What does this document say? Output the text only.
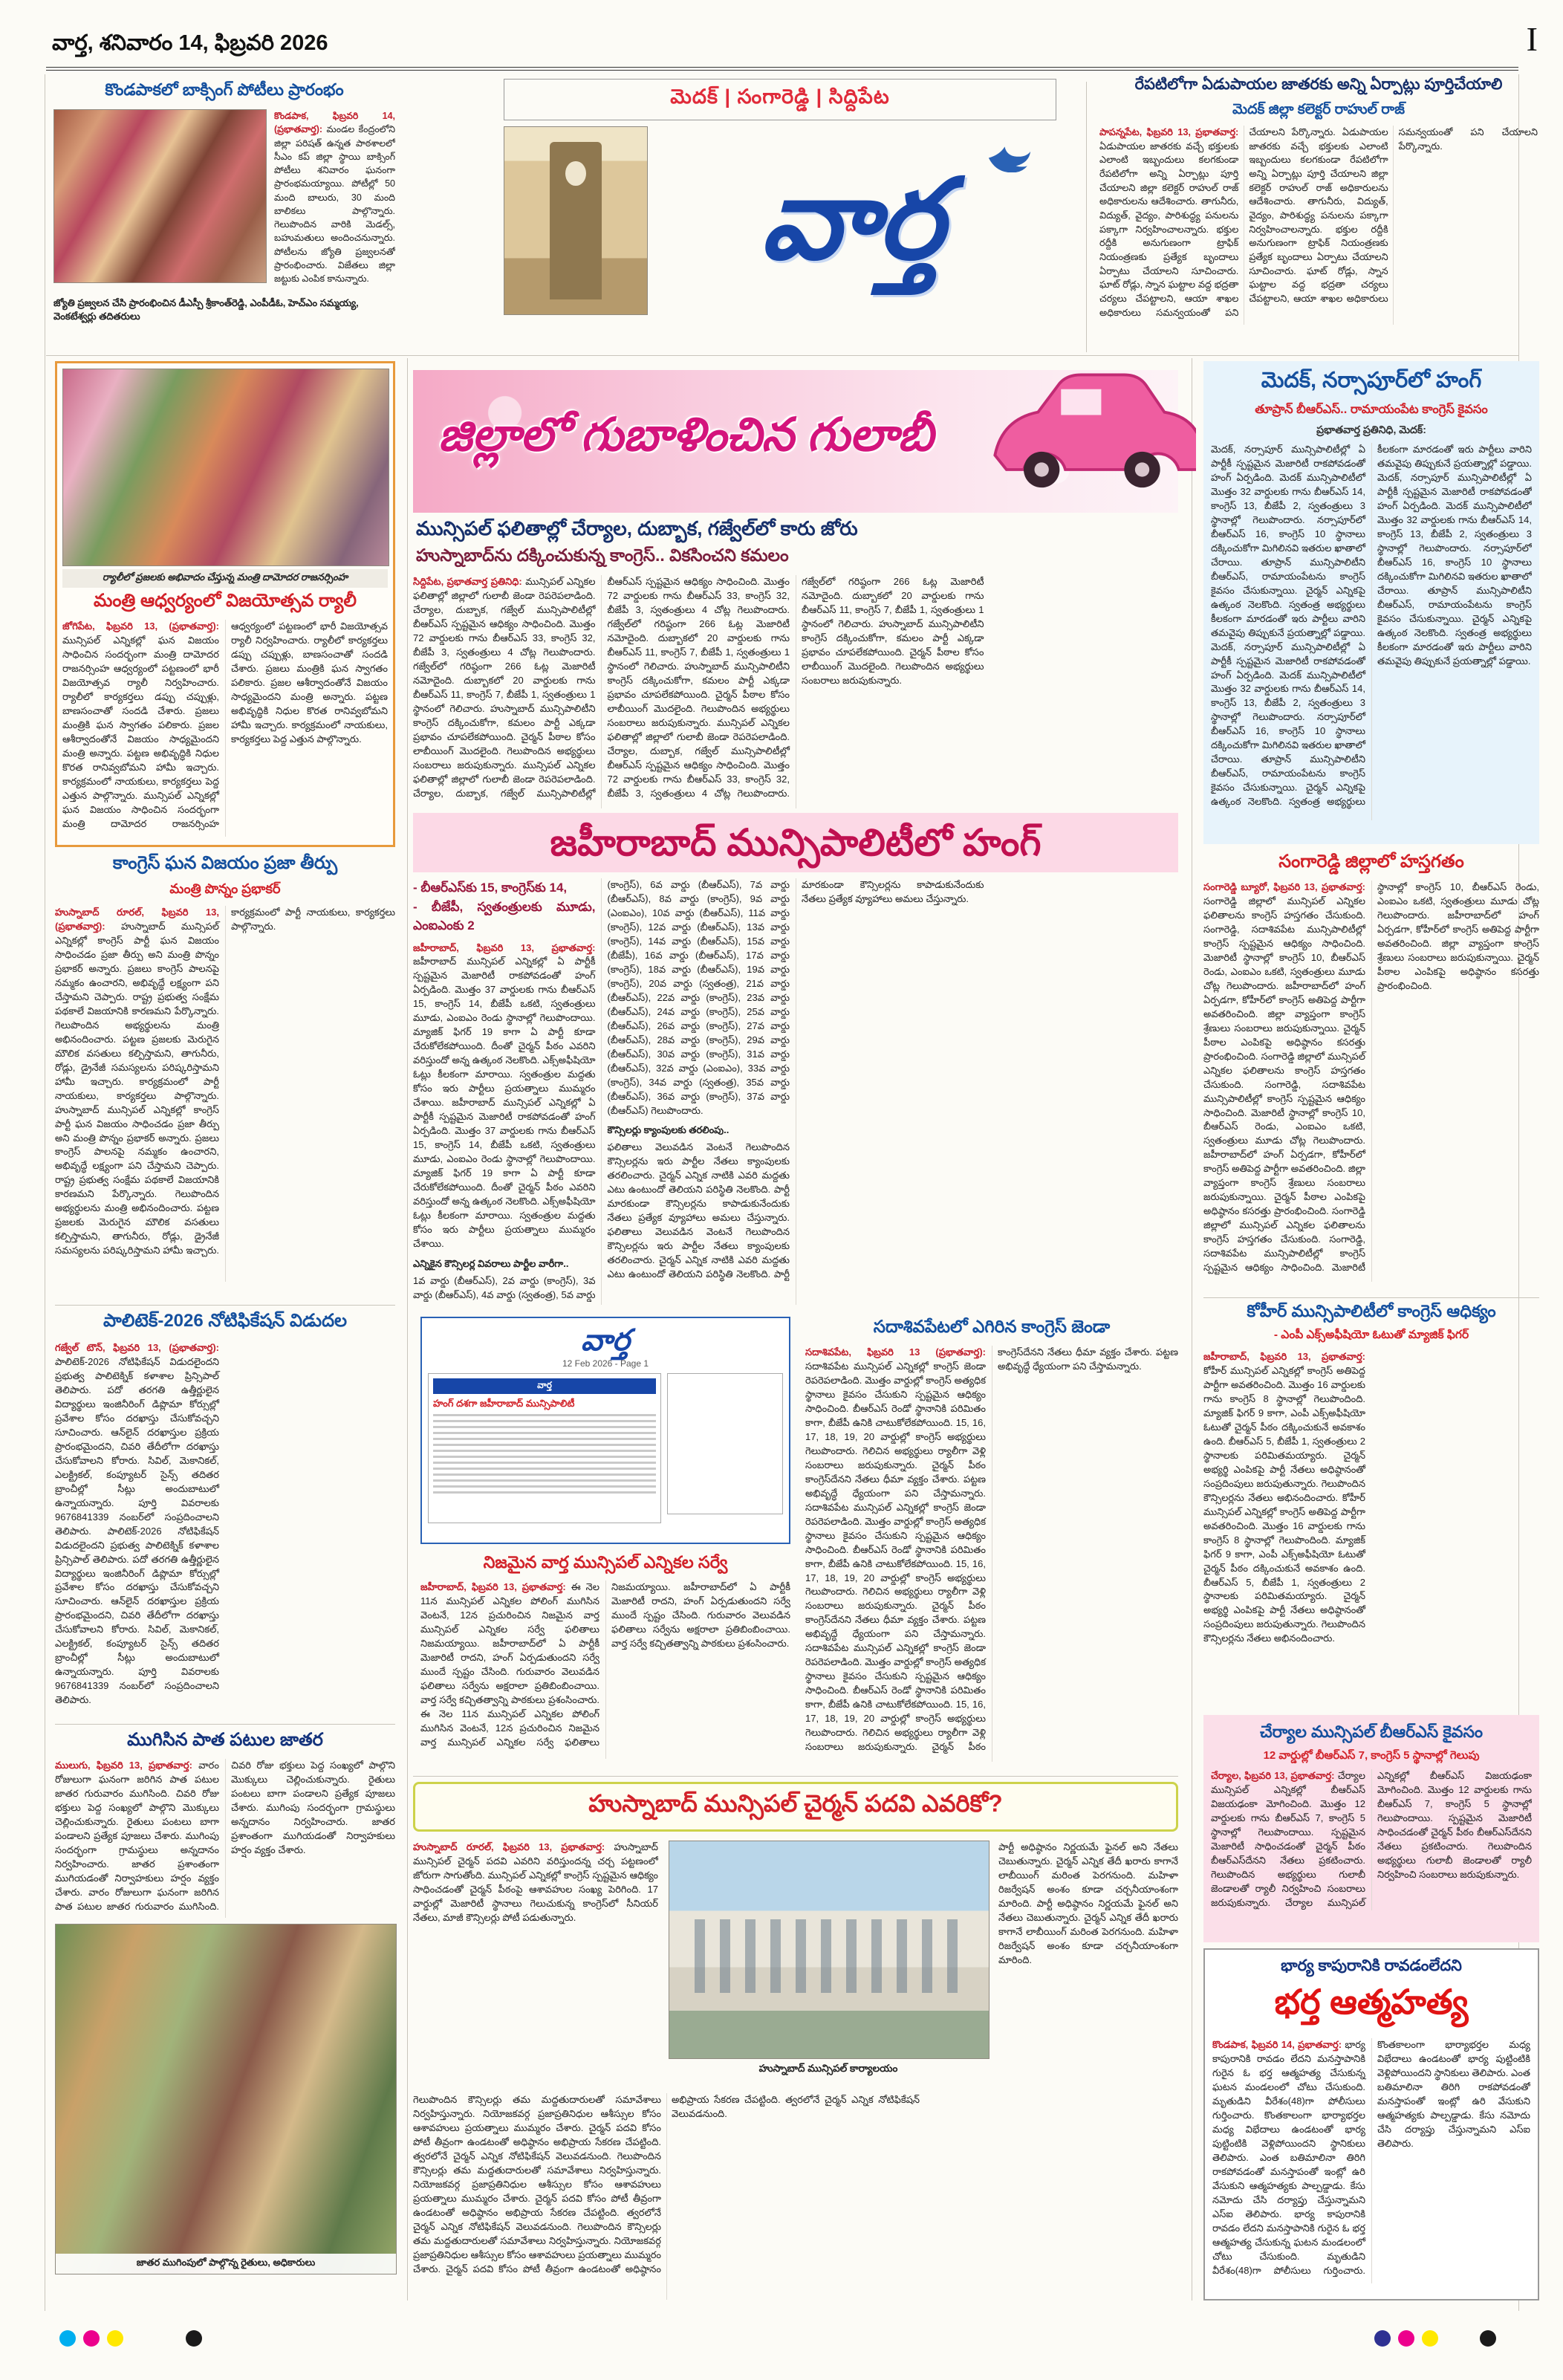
వార్త, శనివారం 14, ఫిబ్రవరి 2026	I
కొండపాకలో బాక్సింగ్ పోటీలు ప్రారంభం
కొండపాక, ఫిబ్రవరి 14, (ప్రభాతవార్త): మండల కేంద్రంలోని జిల్లా పరిషత్ ఉన్నత పాఠశాలలో సీఎం కప్ జిల్లా స్థాయి బాక్సింగ్ పోటీలు శనివారం ఘనంగా ప్రారంభమయ్యాయి. పోటీల్లో 50 మంది బాలురు, 30 మంది బాలికలు పాల్గొన్నారు. గెలుపొందిన వారికి మెడల్స్, బహుమతులు అందించనున్నారు. పోటీలను జ్యోతి ప్రజ్వలనతో ప్రారంభించారు. విజేతలు జిల్లా జట్టుకు ఎంపిక కానున్నారు.
జ్యోతి ప్రజ్వలన చేసి ప్రారంభించిన డీఎస్పీ శ్రీకాంత్‌రెడ్డి, ఎంపీడీఓ, హెచ్ఎం సమ్మయ్య, వెంకటేశ్వర్లు తదితరులు
మెదక్ | సంగారెడ్డి | సిద్దిపేట
వార్త
రేపటిలోగా ఏడుపాయల జాతరకు అన్ని ఏర్పాట్లు పూర్తిచేయాలి
మెదక్ జిల్లా కలెక్టర్ రాహుల్ రాజ్

పాపన్నపేట, ఫిబ్రవరి 13, ప్రభాతవార్త: ఏడుపాయల జాతరకు వచ్చే భక్తులకు ఎలాంటి ఇబ్బందులు కలగకుండా రేపటిలోగా అన్ని ఏర్పాట్లు పూర్తి చేయాలని జిల్లా కలెక్టర్ రాహుల్ రాజ్ అధికారులను ఆదేశించారు. తాగునీరు, విద్యుత్, వైద్యం, పారిశుద్ధ్య పనులను పక్కాగా నిర్వహించాలన్నారు. భక్తుల రద్దీకి అనుగుణంగా ట్రాఫిక్ నియంత్రణకు ప్రత్యేక బృందాలు ఏర్పాటు చేయాలని సూచించారు. ఘాట్ రోడ్లు, స్నాన ఘట్టాల వద్ద భద్రతా చర్యలు చేపట్టాలని, ఆయా శాఖల అధికారులు సమన్వయంతో పని చేయాలని పేర్కొన్నారు. ఏడుపాయల జాతరకు వచ్చే భక్తులకు ఎలాంటి ఇబ్బందులు కలగకుండా రేపటిలోగా అన్ని ఏర్పాట్లు పూర్తి చేయాలని జిల్లా కలెక్టర్ రాహుల్ రాజ్ అధికారులను ఆదేశించారు. తాగునీరు, విద్యుత్, వైద్యం, పారిశుద్ధ్య పనులను పక్కాగా నిర్వహించాలన్నారు. భక్తుల రద్దీకి అనుగుణంగా ట్రాఫిక్ నియంత్రణకు ప్రత్యేక బృందాలు ఏర్పాటు చేయాలని సూచించారు. ఘాట్ రోడ్లు, స్నాన ఘట్టాల వద్ద భద్రతా చర్యలు చేపట్టాలని, ఆయా శాఖల అధికారులు సమన్వయంతో పని చేయాలని పేర్కొన్నారు.

ర్యాలీలో ప్రజలకు అభివాదం చేస్తున్న మంత్రి దామోదర రాజనర్సింహ
మంత్రి ఆధ్వర్యంలో విజయోత్సవ ర్యాలీ

జోగిపేట, ఫిబ్రవరి 13, (ప్రభాతవార్త): మున్సిపల్ ఎన్నికల్లో ఘన విజయం సాధించిన సందర్భంగా మంత్రి దామోదర రాజనర్సింహ ఆధ్వర్యంలో పట్టణంలో భారీ విజయోత్సవ ర్యాలీ నిర్వహించారు. ర్యాలీలో కార్యకర్తలు డప్పు చప్పుళ్లు, బాణసంచాతో సందడి చేశారు. ప్రజలు మంత్రికి ఘన స్వాగతం పలికారు. ప్రజల ఆశీర్వాదంతోనే విజయం సాధ్యమైందని మంత్రి అన్నారు. పట్టణ అభివృద్ధికి నిధుల కొరత రానివ్వబోమని హామీ ఇచ్చారు. కార్యక్రమంలో నాయకులు, కార్యకర్తలు పెద్ద ఎత్తున పాల్గొన్నారు. మున్సిపల్ ఎన్నికల్లో ఘన విజయం సాధించిన సందర్భంగా మంత్రి దామోదర రాజనర్సింహ ఆధ్వర్యంలో పట్టణంలో భారీ విజయోత్సవ ర్యాలీ నిర్వహించారు. ర్యాలీలో కార్యకర్తలు డప్పు చప్పుళ్లు, బాణసంచాతో సందడి చేశారు. ప్రజలు మంత్రికి ఘన స్వాగతం పలికారు. ప్రజల ఆశీర్వాదంతోనే విజయం సాధ్యమైందని మంత్రి అన్నారు. పట్టణ అభివృద్ధికి నిధుల కొరత రానివ్వబోమని హామీ ఇచ్చారు. కార్యక్రమంలో నాయకులు, కార్యకర్తలు పెద్ద ఎత్తున పాల్గొన్నారు.

జిల్లాలో గుబాళించిన గులాబీ
మున్సిపల్ ఫలితాల్లో చేర్యాల, దుబ్బాక, గజ్వేల్‌లో కారు జోరు
హుస్నాబాద్‌ను దక్కించుకున్న కాంగ్రెస్.. వికసించని కమలం

సిద్దిపేట, ప్రభాతవార్త ప్రతినిధి: మున్సిపల్ ఎన్నికల ఫలితాల్లో జిల్లాలో గులాబీ జెండా రెపరెపలాడింది. చేర్యాల, దుబ్బాక, గజ్వేల్ మున్సిపాలిటీల్లో బీఆర్ఎస్ స్పష్టమైన ఆధిక్యం సాధించింది. మొత్తం 72 వార్డులకు గాను బీఆర్ఎస్ 33, కాంగ్రెస్ 32, బీజేపీ 3, స్వతంత్రులు 4 చోట్ల గెలుపొందారు. గజ్వేల్‌లో గరిష్ఠంగా 266 ఓట్ల మెజారిటీ నమోదైంది. దుబ్బాకలో 20 వార్డులకు గాను బీఆర్ఎస్ 11, కాంగ్రెస్ 7, బీజేపీ 1, స్వతంత్రులు 1 స్థానంలో గెలిచారు. హుస్నాబాద్ మున్సిపాలిటీని కాంగ్రెస్ దక్కించుకోగా, కమలం పార్టీ ఎక్కడా ప్రభావం చూపలేకపోయింది. చైర్మన్ పీఠాల కోసం లాబీయింగ్ మొదలైంది. గెలుపొందిన అభ్యర్థులు సంబరాలు జరుపుకున్నారు. మున్సిపల్ ఎన్నికల ఫలితాల్లో జిల్లాలో గులాబీ జెండా రెపరెపలాడింది. చేర్యాల, దుబ్బాక, గజ్వేల్ మున్సిపాలిటీల్లో బీఆర్ఎస్ స్పష్టమైన ఆధిక్యం సాధించింది. మొత్తం 72 వార్డులకు గాను బీఆర్ఎస్ 33, కాంగ్రెస్ 32, బీజేపీ 3, స్వతంత్రులు 4 చోట్ల గెలుపొందారు. గజ్వేల్‌లో గరిష్ఠంగా 266 ఓట్ల మెజారిటీ నమోదైంది. దుబ్బాకలో 20 వార్డులకు గాను బీఆర్ఎస్ 11, కాంగ్రెస్ 7, బీజేపీ 1, స్వతంత్రులు 1 స్థానంలో గెలిచారు. హుస్నాబాద్ మున్సిపాలిటీని కాంగ్రెస్ దక్కించుకోగా, కమలం పార్టీ ఎక్కడా ప్రభావం చూపలేకపోయింది. చైర్మన్ పీఠాల కోసం లాబీయింగ్ మొదలైంది. గెలుపొందిన అభ్యర్థులు సంబరాలు జరుపుకున్నారు. మున్సిపల్ ఎన్నికల ఫలితాల్లో జిల్లాలో గులాబీ జెండా రెపరెపలాడింది. చేర్యాల, దుబ్బాక, గజ్వేల్ మున్సిపాలిటీల్లో బీఆర్ఎస్ స్పష్టమైన ఆధిక్యం సాధించింది. మొత్తం 72 వార్డులకు గాను బీఆర్ఎస్ 33, కాంగ్రెస్ 32, బీజేపీ 3, స్వతంత్రులు 4 చోట్ల గెలుపొందారు. గజ్వేల్‌లో గరిష్ఠంగా 266 ఓట్ల మెజారిటీ నమోదైంది. దుబ్బాకలో 20 వార్డులకు గాను బీఆర్ఎస్ 11, కాంగ్రెస్ 7, బీజేపీ 1, స్వతంత్రులు 1 స్థానంలో గెలిచారు. హుస్నాబాద్ మున్సిపాలిటీని కాంగ్రెస్ దక్కించుకోగా, కమలం పార్టీ ఎక్కడా ప్రభావం చూపలేకపోయింది. చైర్మన్ పీఠాల కోసం లాబీయింగ్ మొదలైంది. గెలుపొందిన అభ్యర్థులు సంబరాలు జరుపుకున్నారు.

మెదక్, నర్సాపూర్‌లో హంగ్
తూప్రాన్ బీఆర్ఎస్.. రామాయంపేట కాంగ్రెస్ కైవసం
ప్రభాతవార్త ప్రతినిధి, మెదక్:

మెదక్, నర్సాపూర్ మున్సిపాలిటీల్లో ఏ పార్టీకీ స్పష్టమైన మెజారిటీ రాకపోవడంతో హంగ్ ఏర్పడింది. మెదక్ మున్సిపాలిటీలో మొత్తం 32 వార్డులకు గాను బీఆర్ఎస్ 14, కాంగ్రెస్ 13, బీజేపీ 2, స్వతంత్రులు 3 స్థానాల్లో గెలుపొందారు. నర్సాపూర్‌లో బీఆర్ఎస్ 16, కాంగ్రెస్ 10 స్థానాలు దక్కించుకోగా మిగిలినవి ఇతరుల ఖాతాలో చేరాయి. తూప్రాన్ మున్సిపాలిటీని బీఆర్ఎస్, రామాయంపేటను కాంగ్రెస్ కైవసం చేసుకున్నాయి. చైర్మన్ ఎన్నికపై ఉత్కంఠ నెలకొంది. స్వతంత్ర అభ్యర్థులు కీలకంగా మారడంతో ఇరు పార్టీలు వారిని తమవైపు తిప్పుకునే ప్రయత్నాల్లో పడ్డాయి. మెదక్, నర్సాపూర్ మున్సిపాలిటీల్లో ఏ పార్టీకీ స్పష్టమైన మెజారిటీ రాకపోవడంతో హంగ్ ఏర్పడింది. మెదక్ మున్సిపాలిటీలో మొత్తం 32 వార్డులకు గాను బీఆర్ఎస్ 14, కాంగ్రెస్ 13, బీజేపీ 2, స్వతంత్రులు 3 స్థానాల్లో గెలుపొందారు. నర్సాపూర్‌లో బీఆర్ఎస్ 16, కాంగ్రెస్ 10 స్థానాలు దక్కించుకోగా మిగిలినవి ఇతరుల ఖాతాలో చేరాయి. తూప్రాన్ మున్సిపాలిటీని బీఆర్ఎస్, రామాయంపేటను కాంగ్రెస్ కైవసం చేసుకున్నాయి. చైర్మన్ ఎన్నికపై ఉత్కంఠ నెలకొంది. స్వతంత్ర అభ్యర్థులు కీలకంగా మారడంతో ఇరు పార్టీలు వారిని తమవైపు తిప్పుకునే ప్రయత్నాల్లో పడ్డాయి. మెదక్, నర్సాపూర్ మున్సిపాలిటీల్లో ఏ పార్టీకీ స్పష్టమైన మెజారిటీ రాకపోవడంతో హంగ్ ఏర్పడింది. మెదక్ మున్సిపాలిటీలో మొత్తం 32 వార్డులకు గాను బీఆర్ఎస్ 14, కాంగ్రెస్ 13, బీజేపీ 2, స్వతంత్రులు 3 స్థానాల్లో గెలుపొందారు. నర్సాపూర్‌లో బీఆర్ఎస్ 16, కాంగ్రెస్ 10 స్థానాలు దక్కించుకోగా మిగిలినవి ఇతరుల ఖాతాలో చేరాయి. తూప్రాన్ మున్సిపాలిటీని బీఆర్ఎస్, రామాయంపేటను కాంగ్రెస్ కైవసం చేసుకున్నాయి. చైర్మన్ ఎన్నికపై ఉత్కంఠ నెలకొంది. స్వతంత్ర అభ్యర్థులు కీలకంగా మారడంతో ఇరు పార్టీలు వారిని తమవైపు తిప్పుకునే ప్రయత్నాల్లో పడ్డాయి.

జహీరాబాద్ మున్సిపాలిటీలో హంగ్
- బీఆర్ఎస్‌కు 15, కాంగ్రెస్‌కు 14,
- బీజేపీ, స్వతంత్రులకు మూడు, ఎంఐఎంకు 2

జహీరాబాద్, ఫిబ్రవరి 13, ప్రభాతవార్త: జహీరాబాద్ మున్సిపల్ ఎన్నికల్లో ఏ పార్టీకీ స్పష్టమైన మెజారిటీ రాకపోవడంతో హంగ్ ఏర్పడింది. మొత్తం 37 వార్డులకు గాను బీఆర్ఎస్ 15, కాంగ్రెస్ 14, బీజేపీ ఒకటి, స్వతంత్రులు మూడు, ఎంఐఎం రెండు స్థానాల్లో గెలుపొందాయి. మ్యాజిక్ ఫిగర్ 19 కాగా ఏ పార్టీ కూడా చేరుకోలేకపోయింది. దీంతో చైర్మన్ పీఠం ఎవరిని వరిస్తుందో అన్న ఉత్కంఠ నెలకొంది. ఎక్స్అఫీషియో ఓట్లు కీలకంగా మారాయి. స్వతంత్రుల మద్దతు కోసం ఇరు పార్టీలు ప్రయత్నాలు ముమ్మరం చేశాయి. జహీరాబాద్ మున్సిపల్ ఎన్నికల్లో ఏ పార్టీకీ స్పష్టమైన మెజారిటీ రాకపోవడంతో హంగ్ ఏర్పడింది. మొత్తం 37 వార్డులకు గాను బీఆర్ఎస్ 15, కాంగ్రెస్ 14, బీజేపీ ఒకటి, స్వతంత్రులు మూడు, ఎంఐఎం రెండు స్థానాల్లో గెలుపొందాయి. మ్యాజిక్ ఫిగర్ 19 కాగా ఏ పార్టీ కూడా చేరుకోలేకపోయింది. దీంతో చైర్మన్ పీఠం ఎవరిని వరిస్తుందో అన్న ఉత్కంఠ నెలకొంది. ఎక్స్అఫీషియో ఓట్లు కీలకంగా మారాయి. స్వతంత్రుల మద్దతు కోసం ఇరు పార్టీలు ప్రయత్నాలు ముమ్మరం చేశాయి.

ఎన్నికైన కౌన్సిలర్ల వివరాలు పార్టీల వారీగా..

1వ వార్డు (బీఆర్ఎస్), 2వ వార్డు (కాంగ్రెస్), 3వ వార్డు (బీఆర్ఎస్), 4వ వార్డు (స్వతంత్ర), 5వ వార్డు (కాంగ్రెస్), 6వ వార్డు (బీఆర్ఎస్), 7వ వార్డు (బీఆర్ఎస్), 8వ వార్డు (కాంగ్రెస్), 9వ వార్డు (ఎంఐఎం), 10వ వార్డు (బీఆర్ఎస్), 11వ వార్డు (కాంగ్రెస్), 12వ వార్డు (బీఆర్ఎస్), 13వ వార్డు (కాంగ్రెస్), 14వ వార్డు (బీఆర్ఎస్), 15వ వార్డు (బీజేపీ), 16వ వార్డు (బీఆర్ఎస్), 17వ వార్డు (కాంగ్రెస్), 18వ వార్డు (బీఆర్ఎస్), 19వ వార్డు (కాంగ్రెస్), 20వ వార్డు (స్వతంత్ర), 21వ వార్డు (బీఆర్ఎస్), 22వ వార్డు (కాంగ్రెస్), 23వ వార్డు (బీఆర్ఎస్), 24వ వార్డు (కాంగ్రెస్), 25వ వార్డు (బీఆర్ఎస్), 26వ వార్డు (కాంగ్రెస్), 27వ వార్డు (బీఆర్ఎస్), 28వ వార్డు (కాంగ్రెస్), 29వ వార్డు (బీఆర్ఎస్), 30వ వార్డు (కాంగ్రెస్), 31వ వార్డు (బీఆర్ఎస్), 32వ వార్డు (ఎంఐఎం), 33వ వార్డు (కాంగ్రెస్), 34వ వార్డు (స్వతంత్ర), 35వ వార్డు (బీఆర్ఎస్), 36వ వార్డు (కాంగ్రెస్), 37వ వార్డు (బీఆర్ఎస్) గెలుపొందారు.

కౌన్సిలర్లు క్యాంపులకు తరలింపు..

ఫలితాలు వెలువడిన వెంటనే గెలుపొందిన కౌన్సిలర్లను ఇరు పార్టీల నేతలు క్యాంపులకు తరలించారు. చైర్మన్ ఎన్నిక నాటికి ఎవరి మద్దతు ఎటు ఉంటుందో తెలియని పరిస్థితి నెలకొంది. పార్టీ మారకుండా కౌన్సిలర్లను కాపాడుకునేందుకు నేతలు ప్రత్యేక వ్యూహాలు అమలు చేస్తున్నారు. ఫలితాలు వెలువడిన వెంటనే గెలుపొందిన కౌన్సిలర్లను ఇరు పార్టీల నేతలు క్యాంపులకు తరలించారు. చైర్మన్ ఎన్నిక నాటికి ఎవరి మద్దతు ఎటు ఉంటుందో తెలియని పరిస్థితి నెలకొంది. పార్టీ మారకుండా కౌన్సిలర్లను కాపాడుకునేందుకు నేతలు ప్రత్యేక వ్యూహాలు అమలు చేస్తున్నారు.

కాంగ్రెస్ ఘన విజయం ప్రజా తీర్పు
మంత్రి పొన్నం ప్రభాకర్

హుస్నాబాద్ రూరల్, ఫిబ్రవరి 13, (ప్రభాతవార్త): హుస్నాబాద్ మున్సిపల్ ఎన్నికల్లో కాంగ్రెస్ పార్టీ ఘన విజయం సాధించడం ప్రజా తీర్పు అని మంత్రి పొన్నం ప్రభాకర్ అన్నారు. ప్రజలు కాంగ్రెస్ పాలనపై నమ్మకం ఉంచారని, అభివృద్ధే లక్ష్యంగా పని చేస్తామని చెప్పారు. రాష్ట్ర ప్రభుత్వ సంక్షేమ పథకాలే విజయానికి కారణమని పేర్కొన్నారు. గెలుపొందిన అభ్యర్థులను మంత్రి అభినందించారు. పట్టణ ప్రజలకు మెరుగైన మౌలిక వసతులు కల్పిస్తామని, తాగునీరు, రోడ్లు, డ్రైనేజీ సమస్యలను పరిష్కరిస్తామని హామీ ఇచ్చారు. కార్యక్రమంలో పార్టీ నాయకులు, కార్యకర్తలు పాల్గొన్నారు. హుస్నాబాద్ మున్సిపల్ ఎన్నికల్లో కాంగ్రెస్ పార్టీ ఘన విజయం సాధించడం ప్రజా తీర్పు అని మంత్రి పొన్నం ప్రభాకర్ అన్నారు. ప్రజలు కాంగ్రెస్ పాలనపై నమ్మకం ఉంచారని, అభివృద్ధే లక్ష్యంగా పని చేస్తామని చెప్పారు. రాష్ట్ర ప్రభుత్వ సంక్షేమ పథకాలే విజయానికి కారణమని పేర్కొన్నారు. గెలుపొందిన అభ్యర్థులను మంత్రి అభినందించారు. పట్టణ ప్రజలకు మెరుగైన మౌలిక వసతులు కల్పిస్తామని, తాగునీరు, రోడ్లు, డ్రైనేజీ సమస్యలను పరిష్కరిస్తామని హామీ ఇచ్చారు. కార్యక్రమంలో పార్టీ నాయకులు, కార్యకర్తలు పాల్గొన్నారు.

పాలిటెక్-2026 నోటిఫికేషన్ విడుదల

గజ్వేల్ టౌన్, ఫిబ్రవరి 13, (ప్రభాతవార్త): పాలిటెక్-2026 నోటిఫికేషన్ విడుదలైందని ప్రభుత్వ పాలిటెక్నిక్ కళాశాల ప్రిన్సిపాల్ తెలిపారు. పదో తరగతి ఉత్తీర్ణులైన విద్యార్థులు ఇంజినీరింగ్ డిప్లొమా కోర్సుల్లో ప్రవేశాల కోసం దరఖాస్తు చేసుకోవచ్చని సూచించారు. ఆన్‌లైన్ దరఖాస్తుల ప్రక్రియ ప్రారంభమైందని, చివరి తేదీలోగా దరఖాస్తు చేసుకోవాలని కోరారు. సివిల్, మెకానికల్, ఎలక్ట్రికల్, కంప్యూటర్ సైన్స్ తదితర బ్రాంచీల్లో సీట్లు అందుబాటులో ఉన్నాయన్నారు. పూర్తి వివరాలకు 9676841339 నంబర్‌లో సంప్రదించాలని తెలిపారు. పాలిటెక్-2026 నోటిఫికేషన్ విడుదలైందని ప్రభుత్వ పాలిటెక్నిక్ కళాశాల ప్రిన్సిపాల్ తెలిపారు. పదో తరగతి ఉత్తీర్ణులైన విద్యార్థులు ఇంజినీరింగ్ డిప్లొమా కోర్సుల్లో ప్రవేశాల కోసం దరఖాస్తు చేసుకోవచ్చని సూచించారు. ఆన్‌లైన్ దరఖాస్తుల ప్రక్రియ ప్రారంభమైందని, చివరి తేదీలోగా దరఖాస్తు చేసుకోవాలని కోరారు. సివిల్, మెకానికల్, ఎలక్ట్రికల్, కంప్యూటర్ సైన్స్ తదితర బ్రాంచీల్లో సీట్లు అందుబాటులో ఉన్నాయన్నారు. పూర్తి వివరాలకు 9676841339 నంబర్‌లో సంప్రదించాలని తెలిపారు.

ముగిసిన పాత పటుల జాతర

ములుగు, ఫిబ్రవరి 13, ప్రభాతవార్త: వారం రోజులుగా ఘనంగా జరిగిన పాత పటుల జాతర గురువారం ముగిసింది. చివరి రోజు భక్తులు పెద్ద సంఖ్యలో పాల్గొని మొక్కులు చెల్లించుకున్నారు. రైతులు పంటలు బాగా పండాలని ప్రత్యేక పూజలు చేశారు. ముగింపు సందర్భంగా గ్రామస్థులు అన్నదానం నిర్వహించారు. జాతర ప్రశాంతంగా ముగియడంతో నిర్వాహకులు హర్షం వ్యక్తం చేశారు. వారం రోజులుగా ఘనంగా జరిగిన పాత పటుల జాతర గురువారం ముగిసింది. చివరి రోజు భక్తులు పెద్ద సంఖ్యలో పాల్గొని మొక్కులు చెల్లించుకున్నారు. రైతులు పంటలు బాగా పండాలని ప్రత్యేక పూజలు చేశారు. ముగింపు సందర్భంగా గ్రామస్థులు అన్నదానం నిర్వహించారు. జాతర ప్రశాంతంగా ముగియడంతో నిర్వాహకులు హర్షం వ్యక్తం చేశారు.

జాతర ముగింపులో పాల్గొన్న రైతులు, అధికారులు
వార్త
12 Feb 2026 - Page 1
వార్త
హంగ్ దశగా జహీరాబాద్ మున్సిపాలిటీ
నిజమైన వార్త మున్సిపల్ ఎన్నికల సర్వే

జహీరాబాద్, ఫిబ్రవరి 13, ప్రభాతవార్త: ఈ నెల 11న మున్సిపల్ ఎన్నికల పోలింగ్ ముగిసిన వెంటనే, 12న ప్రచురించిన నిజమైన వార్త మున్సిపల్ ఎన్నికల సర్వే ఫలితాలు నిజమయ్యాయి. జహీరాబాద్‌లో ఏ పార్టీకీ మెజారిటీ రాదని, హంగ్ ఏర్పడుతుందని సర్వే ముందే స్పష్టం చేసింది. గురువారం వెలువడిన ఫలితాలు సర్వేను అక్షరాలా ప్రతిబింబించాయి. వార్త సర్వే కచ్చితత్వాన్ని పాఠకులు ప్రశంసించారు. ఈ నెల 11న మున్సిపల్ ఎన్నికల పోలింగ్ ముగిసిన వెంటనే, 12న ప్రచురించిన నిజమైన వార్త మున్సిపల్ ఎన్నికల సర్వే ఫలితాలు నిజమయ్యాయి. జహీరాబాద్‌లో ఏ పార్టీకీ మెజారిటీ రాదని, హంగ్ ఏర్పడుతుందని సర్వే ముందే స్పష్టం చేసింది. గురువారం వెలువడిన ఫలితాలు సర్వేను అక్షరాలా ప్రతిబింబించాయి. వార్త సర్వే కచ్చితత్వాన్ని పాఠకులు ప్రశంసించారు.

సదాశివపేటలో ఎగిరిన కాంగ్రెస్ జెండా

సదాశివపేట, ఫిబ్రవరి 13 (ప్రభాతవార్త): సదాశివపేట మున్సిపల్ ఎన్నికల్లో కాంగ్రెస్ జెండా రెపరెపలాడింది. మొత్తం వార్డుల్లో కాంగ్రెస్ అత్యధిక స్థానాలు కైవసం చేసుకుని స్పష్టమైన ఆధిక్యం సాధించింది. బీఆర్ఎస్ రెండో స్థానానికి పరిమితం కాగా, బీజేపీ ఉనికి చాటుకోలేకపోయింది. 15, 16, 17, 18, 19, 20 వార్డుల్లో కాంగ్రెస్ అభ్యర్థులు గెలుపొందారు. గెలిచిన అభ్యర్థులు ర్యాలీగా వెళ్లి సంబరాలు జరుపుకున్నారు. చైర్మన్ పీఠం కాంగ్రెస్‌దేనని నేతలు ధీమా వ్యక్తం చేశారు. పట్టణ అభివృద్ధే ధ్యేయంగా పని చేస్తామన్నారు. సదాశివపేట మున్సిపల్ ఎన్నికల్లో కాంగ్రెస్ జెండా రెపరెపలాడింది. మొత్తం వార్డుల్లో కాంగ్రెస్ అత్యధిక స్థానాలు కైవసం చేసుకుని స్పష్టమైన ఆధిక్యం సాధించింది. బీఆర్ఎస్ రెండో స్థానానికి పరిమితం కాగా, బీజేపీ ఉనికి చాటుకోలేకపోయింది. 15, 16, 17, 18, 19, 20 వార్డుల్లో కాంగ్రెస్ అభ్యర్థులు గెలుపొందారు. గెలిచిన అభ్యర్థులు ర్యాలీగా వెళ్లి సంబరాలు జరుపుకున్నారు. చైర్మన్ పీఠం కాంగ్రెస్‌దేనని నేతలు ధీమా వ్యక్తం చేశారు. పట్టణ అభివృద్ధే ధ్యేయంగా పని చేస్తామన్నారు. సదాశివపేట మున్సిపల్ ఎన్నికల్లో కాంగ్రెస్ జెండా రెపరెపలాడింది. మొత్తం వార్డుల్లో కాంగ్రెస్ అత్యధిక స్థానాలు కైవసం చేసుకుని స్పష్టమైన ఆధిక్యం సాధించింది. బీఆర్ఎస్ రెండో స్థానానికి పరిమితం కాగా, బీజేపీ ఉనికి చాటుకోలేకపోయింది. 15, 16, 17, 18, 19, 20 వార్డుల్లో కాంగ్రెస్ అభ్యర్థులు గెలుపొందారు. గెలిచిన అభ్యర్థులు ర్యాలీగా వెళ్లి సంబరాలు జరుపుకున్నారు. చైర్మన్ పీఠం కాంగ్రెస్‌దేనని నేతలు ధీమా వ్యక్తం చేశారు. పట్టణ అభివృద్ధే ధ్యేయంగా పని చేస్తామన్నారు.

హుస్నాబాద్ మున్సిపల్ చైర్మన్ పదవి ఎవరికో?

హుస్నాబాద్ రూరల్, ఫిబ్రవరి 13, ప్రభాతవార్త: హుస్నాబాద్ మున్సిపల్ చైర్మన్ పదవి ఎవరిని వరిస్తుందన్న చర్చ పట్టణంలో జోరుగా సాగుతోంది. మున్సిపల్ ఎన్నికల్లో కాంగ్రెస్ స్పష్టమైన ఆధిక్యం సాధించడంతో చైర్మన్ పీఠంపై ఆశావహుల సంఖ్య పెరిగింది. 17 వార్డుల్లో మెజారిటీ స్థానాలు గెలుచుకున్న కాంగ్రెస్‌లో సీనియర్ నేతలు, మాజీ కౌన్సిలర్లు పోటీ పడుతున్నారు.

హుస్నాబాద్ మున్సిపల్ కార్యాలయం

పార్టీ అధిష్ఠానం నిర్ణయమే ఫైనల్ అని నేతలు చెబుతున్నారు. చైర్మన్ ఎన్నిక తేదీ ఖరారు కాగానే లాబీయింగ్ మరింత పెరగనుంది. మహిళా రిజర్వేషన్ అంశం కూడా చర్చనీయాంశంగా మారింది. పార్టీ అధిష్ఠానం నిర్ణయమే ఫైనల్ అని నేతలు చెబుతున్నారు. చైర్మన్ ఎన్నిక తేదీ ఖరారు కాగానే లాబీయింగ్ మరింత పెరగనుంది. మహిళా రిజర్వేషన్ అంశం కూడా చర్చనీయాంశంగా మారింది.

గెలుపొందిన కౌన్సిలర్లు తమ మద్దతుదారులతో సమావేశాలు నిర్వహిస్తున్నారు. నియోజకవర్గ ప్రజాప్రతినిధుల ఆశీస్సుల కోసం ఆశావహులు ప్రయత్నాలు ముమ్మరం చేశారు. చైర్మన్ పదవి కోసం పోటీ తీవ్రంగా ఉండటంతో అధిష్ఠానం అభిప్రాయ సేకరణ చేపట్టింది. త్వరలోనే చైర్మన్ ఎన్నిక నోటిఫికేషన్ వెలువడనుంది. గెలుపొందిన కౌన్సిలర్లు తమ మద్దతుదారులతో సమావేశాలు నిర్వహిస్తున్నారు. నియోజకవర్గ ప్రజాప్రతినిధుల ఆశీస్సుల కోసం ఆశావహులు ప్రయత్నాలు ముమ్మరం చేశారు. చైర్మన్ పదవి కోసం పోటీ తీవ్రంగా ఉండటంతో అధిష్ఠానం అభిప్రాయ సేకరణ చేపట్టింది. త్వరలోనే చైర్మన్ ఎన్నిక నోటిఫికేషన్ వెలువడనుంది. గెలుపొందిన కౌన్సిలర్లు తమ మద్దతుదారులతో సమావేశాలు నిర్వహిస్తున్నారు. నియోజకవర్గ ప్రజాప్రతినిధుల ఆశీస్సుల కోసం ఆశావహులు ప్రయత్నాలు ముమ్మరం చేశారు. చైర్మన్ పదవి కోసం పోటీ తీవ్రంగా ఉండటంతో అధిష్ఠానం అభిప్రాయ సేకరణ చేపట్టింది. త్వరలోనే చైర్మన్ ఎన్నిక నోటిఫికేషన్ వెలువడనుంది.

సంగారెడ్డి జిల్లాలో హస్తగతం

సంగారెడ్డి బ్యూరో, ఫిబ్రవరి 13, ప్రభాతవార్త: సంగారెడ్డి జిల్లాలో మున్సిపల్ ఎన్నికల ఫలితాలను కాంగ్రెస్ హస్తగతం చేసుకుంది. సంగారెడ్డి, సదాశివపేట మున్సిపాలిటీల్లో కాంగ్రెస్ స్పష్టమైన ఆధిక్యం సాధించింది. మెజారిటీ స్థానాల్లో కాంగ్రెస్ 10, బీఆర్ఎస్ రెండు, ఎంఐఎం ఒకటి, స్వతంత్రులు మూడు చోట్ల గెలుపొందారు. జహీరాబాద్‌లో హంగ్ ఏర్పడగా, కోహీర్‌లో కాంగ్రెస్ అతిపెద్ద పార్టీగా అవతరించింది. జిల్లా వ్యాప్తంగా కాంగ్రెస్ శ్రేణులు సంబరాలు జరుపుకున్నాయి. చైర్మన్ పీఠాల ఎంపికపై అధిష్ఠానం కసరత్తు ప్రారంభించింది. సంగారెడ్డి జిల్లాలో మున్సిపల్ ఎన్నికల ఫలితాలను కాంగ్రెస్ హస్తగతం చేసుకుంది. సంగారెడ్డి, సదాశివపేట మున్సిపాలిటీల్లో కాంగ్రెస్ స్పష్టమైన ఆధిక్యం సాధించింది. మెజారిటీ స్థానాల్లో కాంగ్రెస్ 10, బీఆర్ఎస్ రెండు, ఎంఐఎం ఒకటి, స్వతంత్రులు మూడు చోట్ల గెలుపొందారు. జహీరాబాద్‌లో హంగ్ ఏర్పడగా, కోహీర్‌లో కాంగ్రెస్ అతిపెద్ద పార్టీగా అవతరించింది. జిల్లా వ్యాప్తంగా కాంగ్రెస్ శ్రేణులు సంబరాలు జరుపుకున్నాయి. చైర్మన్ పీఠాల ఎంపికపై అధిష్ఠానం కసరత్తు ప్రారంభించింది. సంగారెడ్డి జిల్లాలో మున్సిపల్ ఎన్నికల ఫలితాలను కాంగ్రెస్ హస్తగతం చేసుకుంది. సంగారెడ్డి, సదాశివపేట మున్సిపాలిటీల్లో కాంగ్రెస్ స్పష్టమైన ఆధిక్యం సాధించింది. మెజారిటీ స్థానాల్లో కాంగ్రెస్ 10, బీఆర్ఎస్ రెండు, ఎంఐఎం ఒకటి, స్వతంత్రులు మూడు చోట్ల గెలుపొందారు. జహీరాబాద్‌లో హంగ్ ఏర్పడగా, కోహీర్‌లో కాంగ్రెస్ అతిపెద్ద పార్టీగా అవతరించింది. జిల్లా వ్యాప్తంగా కాంగ్రెస్ శ్రేణులు సంబరాలు జరుపుకున్నాయి. చైర్మన్ పీఠాల ఎంపికపై అధిష్ఠానం కసరత్తు ప్రారంభించింది.

కోహీర్ మున్సిపాలిటీలో కాంగ్రెస్ ఆధిక్యం
- ఎంపీ ఎక్స్అఫీషియో ఓటుతో మ్యాజిక్ ఫిగర్

జహీరాబాద్, ఫిబ్రవరి 13, ప్రభాతవార్త: కోహీర్ మున్సిపల్ ఎన్నికల్లో కాంగ్రెస్ అతిపెద్ద పార్టీగా అవతరించింది. మొత్తం 16 వార్డులకు గాను కాంగ్రెస్ 8 స్థానాల్లో గెలుపొందింది. మ్యాజిక్ ఫిగర్ 9 కాగా, ఎంపీ ఎక్స్అఫీషియో ఓటుతో చైర్మన్ పీఠం దక్కించుకునే అవకాశం ఉంది. బీఆర్ఎస్ 5, బీజేపీ 1, స్వతంత్రులు 2 స్థానాలకు పరిమితమయ్యారు. చైర్మన్ అభ్యర్థి ఎంపికపై పార్టీ నేతలు అధిష్ఠానంతో సంప్రదింపులు జరుపుతున్నారు. గెలుపొందిన కౌన్సిలర్లను నేతలు అభినందించారు. కోహీర్ మున్సిపల్ ఎన్నికల్లో కాంగ్రెస్ అతిపెద్ద పార్టీగా అవతరించింది. మొత్తం 16 వార్డులకు గాను కాంగ్రెస్ 8 స్థానాల్లో గెలుపొందింది. మ్యాజిక్ ఫిగర్ 9 కాగా, ఎంపీ ఎక్స్అఫీషియో ఓటుతో చైర్మన్ పీఠం దక్కించుకునే అవకాశం ఉంది. బీఆర్ఎస్ 5, బీజేపీ 1, స్వతంత్రులు 2 స్థానాలకు పరిమితమయ్యారు. చైర్మన్ అభ్యర్థి ఎంపికపై పార్టీ నేతలు అధిష్ఠానంతో సంప్రదింపులు జరుపుతున్నారు. గెలుపొందిన కౌన్సిలర్లను నేతలు అభినందించారు.

చేర్యాల మున్సిపల్ బీఆర్ఎస్ కైవసం
12 వార్డుల్లో బీఆర్ఎస్ 7, కాంగ్రెస్ 5 స్థానాల్లో గెలుపు

చేర్యాల, ఫిబ్రవరి 13, ప్రభాతవార్త: చేర్యాల మున్సిపల్ ఎన్నికల్లో బీఆర్ఎస్ విజయఢంకా మోగించింది. మొత్తం 12 వార్డులకు గాను బీఆర్ఎస్ 7, కాంగ్రెస్ 5 స్థానాల్లో గెలుపొందాయి. స్పష్టమైన మెజారిటీ సాధించడంతో చైర్మన్ పీఠం బీఆర్ఎస్‌దేనని నేతలు ప్రకటించారు. గెలుపొందిన అభ్యర్థులు గులాబీ జెండాలతో ర్యాలీ నిర్వహించి సంబరాలు జరుపుకున్నారు. చేర్యాల మున్సిపల్ ఎన్నికల్లో బీఆర్ఎస్ విజయఢంకా మోగించింది. మొత్తం 12 వార్డులకు గాను బీఆర్ఎస్ 7, కాంగ్రెస్ 5 స్థానాల్లో గెలుపొందాయి. స్పష్టమైన మెజారిటీ సాధించడంతో చైర్మన్ పీఠం బీఆర్ఎస్‌దేనని నేతలు ప్రకటించారు. గెలుపొందిన అభ్యర్థులు గులాబీ జెండాలతో ర్యాలీ నిర్వహించి సంబరాలు జరుపుకున్నారు.

భార్య కాపురానికి రావడంలేదని
భర్త ఆత్మహత్య

కొండపాక, ఫిబ్రవరి 14, ప్రభాతవార్త: భార్య కాపురానికి రావడం లేదని మనస్తాపానికి గురైన ఓ భర్త ఆత్మహత్య చేసుకున్న ఘటన మండలంలో చోటు చేసుకుంది. మృతుడిని వీరేశం(48)గా పోలీసులు గుర్తించారు. కొంతకాలంగా భార్యాభర్తల మధ్య విభేదాలు ఉండటంతో భార్య పుట్టింటికి వెళ్లిపోయిందని స్థానికులు తెలిపారు. ఎంత బతిమాలినా తిరిగి రాకపోవడంతో మనస్తాపంతో ఇంట్లో ఉరి వేసుకుని ఆత్మహత్యకు పాల్పడ్డాడు. కేసు నమోదు చేసి దర్యాప్తు చేస్తున్నామని ఎస్ఐ తెలిపారు. భార్య కాపురానికి రావడం లేదని మనస్తాపానికి గురైన ఓ భర్త ఆత్మహత్య చేసుకున్న ఘటన మండలంలో చోటు చేసుకుంది. మృతుడిని వీరేశం(48)గా పోలీసులు గుర్తించారు. కొంతకాలంగా భార్యాభర్తల మధ్య విభేదాలు ఉండటంతో భార్య పుట్టింటికి వెళ్లిపోయిందని స్థానికులు తెలిపారు. ఎంత బతిమాలినా తిరిగి రాకపోవడంతో మనస్తాపంతో ఇంట్లో ఉరి వేసుకుని ఆత్మహత్యకు పాల్పడ్డాడు. కేసు నమోదు చేసి దర్యాప్తు చేస్తున్నామని ఎస్ఐ తెలిపారు.
